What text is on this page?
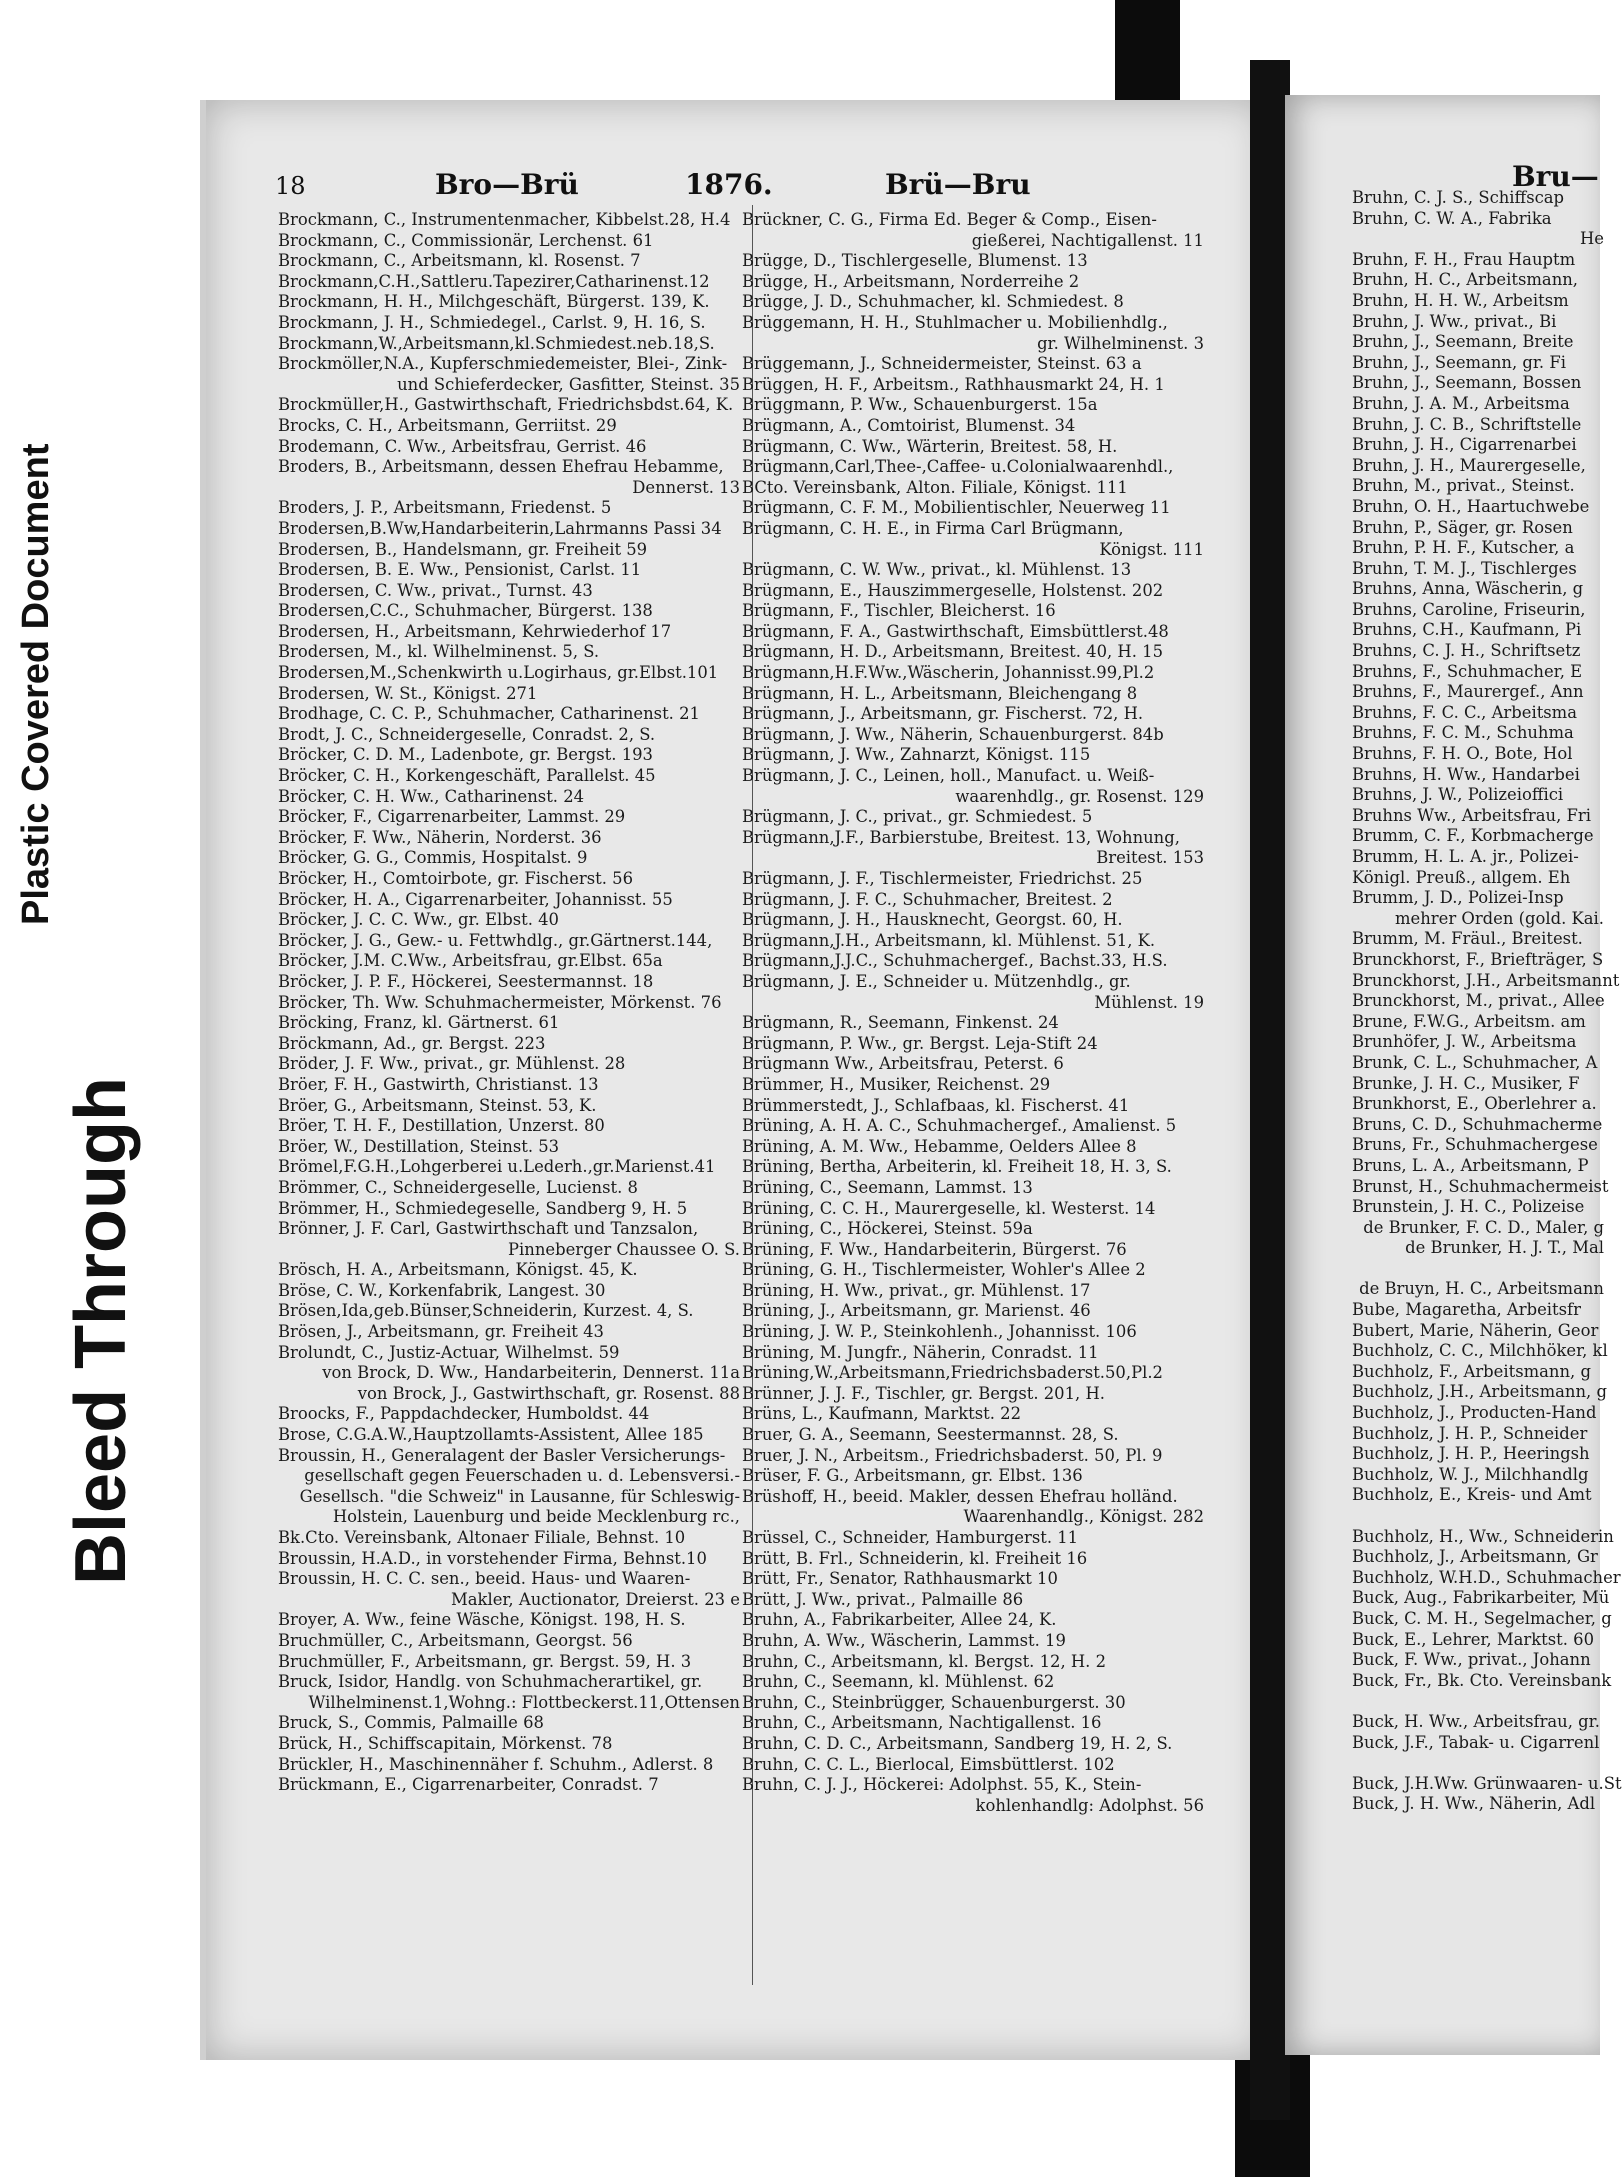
Plastic Covered Document
Bleed Through
18	Bro—Brü	1876.	Brü—Bru	Bru—
Brockmann, C., Instrumentenmacher, Kibbelst.28, H.4
Brockmann, C., Commissionär, Lerchenst. 61
Brockmann, C., Arbeitsmann, kl. Rosenst. 7
Brockmann,C.H.,Sattleru.Tapezirer,Catharinenst.12
Brockmann, H. H., Milchgeschäft, Bürgerst. 139, K.
Brockmann, J. H., Schmiedegel., Carlst. 9, H. 16, S.
Brockmann,W.,Arbeitsmann,kl.Schmiedest.neb.18,S.
Brockmöller,N.A., Kupferschmiedemeister, Blei-, Zink-
und Schieferdecker, Gasfitter, Steinst. 35
Brockmüller,H., Gastwirthschaft, Friedrichsbdst.64, K.
Brocks, C. H., Arbeitsmann, Gerriitst. 29
Brodemann, C. Ww., Arbeitsfrau, Gerrist. 46
Broders, B., Arbeitsmann, dessen Ehefrau Hebamme,
Dennerst. 13
Broders, J. P., Arbeitsmann, Friedenst. 5
Brodersen,B.Ww,Handarbeiterin,Lahrmanns Passi 34
Brodersen, B., Handelsmann, gr. Freiheit 59
Brodersen, B. E. Ww., Pensionist, Carlst. 11
Brodersen, C. Ww., privat., Turnst. 43
Brodersen,C.C., Schuhmacher, Bürgerst. 138
Brodersen, H., Arbeitsmann, Kehrwiederhof 17
Brodersen, M., kl. Wilhelminenst. 5, S.
Brodersen,M.,Schenkwirth u.Logirhaus, gr.Elbst.101
Brodersen, W. St., Königst. 271
Brodhage, C. C. P., Schuhmacher, Catharinenst. 21
Brodt, J. C., Schneidergeselle, Conradst. 2, S.
Bröcker, C. D. M., Ladenbote, gr. Bergst. 193
Bröcker, C. H., Korkengeschäft, Parallelst. 45
Bröcker, C. H. Ww., Catharinenst. 24
Bröcker, F., Cigarrenarbeiter, Lammst. 29
Bröcker, F. Ww., Näherin, Norderst. 36
Bröcker, G. G., Commis, Hospitalst. 9
Bröcker, H., Comtoirbote, gr. Fischerst. 56
Bröcker, H. A., Cigarrenarbeiter, Johannisst. 55
Bröcker, J. C. C. Ww., gr. Elbst. 40
Bröcker, J. G., Gew.- u. Fettwhdlg., gr.Gärtnerst.144,
Bröcker, J.M. C.Ww., Arbeitsfrau, gr.Elbst. 65a
Bröcker, J. P. F., Höckerei, Seestermannst. 18
Bröcker, Th. Ww. Schuhmachermeister, Mörkenst. 76
Bröcking, Franz, kl. Gärtnerst. 61
Bröckmann, Ad., gr. Bergst. 223
Bröder, J. F. Ww., privat., gr. Mühlenst. 28
Bröer, F. H., Gastwirth, Christianst. 13
Bröer, G., Arbeitsmann, Steinst. 53, K.
Bröer, T. H. F., Destillation, Unzerst. 80
Bröer, W., Destillation, Steinst. 53
Brömel,F.G.H.,Lohgerberei u.Lederh.,gr.Marienst.41
Brömmer, C., Schneidergeselle, Lucienst. 8
Brömmer, H., Schmiedegeselle, Sandberg 9, H. 5
Brönner, J. F. Carl, Gastwirthschaft und Tanzsalon,
Pinneberger Chaussee O. S.
Brösch, H. A., Arbeitsmann, Königst. 45, K.
Bröse, C. W., Korkenfabrik, Langest. 30
Brösen,Ida,geb.Bünser,Schneiderin, Kurzest. 4, S.
Brösen, J., Arbeitsmann, gr. Freiheit 43
Brolundt, C., Justiz-Actuar, Wilhelmst. 59
von Brock, D. Ww., Handarbeiterin, Dennerst. 11a
von Brock, J., Gastwirthschaft, gr. Rosenst. 88
Broocks, F., Pappdachdecker, Humboldst. 44
Brose, C.G.A.W.,Hauptzollamts-Assistent, Allee 185
Broussin, H., Generalagent der Basler Versicherungs-
gesellschaft gegen Feuerschaden u. d. Lebensversi.-
Gesellsch. "die Schweiz" in Lausanne, für Schleswig-
Holstein, Lauenburg und beide Mecklenburg rc.,
Bk.Cto. Vereinsbank, Altonaer Filiale, Behnst. 10
Broussin, H.A.D., in vorstehender Firma, Behnst.10
Broussin, H. C. C. sen., beeid. Haus- und Waaren-
Makler, Auctionator, Dreierst. 23 e
Broyer, A. Ww., feine Wäsche, Königst. 198, H. S.
Bruchmüller, C., Arbeitsmann, Georgst. 56
Bruchmüller, F., Arbeitsmann, gr. Bergst. 59, H. 3
Bruck, Isidor, Handlg. von Schuhmacherartikel, gr.
Wilhelminenst.1,Wohng.: Flottbeckerst.11,Ottensen
Bruck, S., Commis, Palmaille 68
Brück, H., Schiffscapitain, Mörkenst. 78
Brückler, H., Maschinennäher f. Schuhm., Adlerst. 8
Brückmann, E., Cigarrenarbeiter, Conradst. 7
Brückner, C. G., Firma Ed. Beger & Comp., Eisen-
gießerei, Nachtigallenst. 11
Brügge, D., Tischlergeselle, Blumenst. 13
Brügge, H., Arbeitsmann, Norderreihe 2
Brügge, J. D., Schuhmacher, kl. Schmiedest. 8
Brüggemann, H. H., Stuhlmacher u. Mobilienhdlg.,
gr. Wilhelminenst. 3
Brüggemann, J., Schneidermeister, Steinst. 63 a
Brüggen, H. F., Arbeitsm., Rathhausmarkt 24, H. 1
Brüggmann, P. Ww., Schauenburgerst. 15a
Brügmann, A., Comtoirist, Blumenst. 34
Brügmann, C. Ww., Wärterin, Breitest. 58, H.
Brügmann,Carl,Thee-,Caffee- u.Colonialwaarenhdl.,
BCto. Vereinsbank, Alton. Filiale, Königst. 111
Brügmann, C. F. M., Mobilientischler, Neuerweg 11
Brügmann, C. H. E., in Firma Carl Brügmann,
Königst. 111
Brügmann, C. W. Ww., privat., kl. Mühlenst. 13
Brügmann, E., Hauszimmergeselle, Holstenst. 202
Brügmann, F., Tischler, Bleicherst. 16
Brügmann, F. A., Gastwirthschaft, Eimsbüttlerst.48
Brügmann, H. D., Arbeitsmann, Breitest. 40, H. 15
Brügmann,H.F.Ww.,Wäscherin, Johannisst.99,Pl.2
Brügmann, H. L., Arbeitsmann, Bleichengang 8
Brügmann, J., Arbeitsmann, gr. Fischerst. 72, H.
Brügmann, J. Ww., Näherin, Schauenburgerst. 84b
Brügmann, J. Ww., Zahnarzt, Königst. 115
Brügmann, J. C., Leinen, holl., Manufact. u. Weiß-
waarenhdlg., gr. Rosenst. 129
Brügmann, J. C., privat., gr. Schmiedest. 5
Brügmann,J.F., Barbierstube, Breitest. 13, Wohnung,
Breitest. 153
Brügmann, J. F., Tischlermeister, Friedrichst. 25
Brügmann, J. F. C., Schuhmacher, Breitest. 2
Brügmann, J. H., Hausknecht, Georgst. 60, H.
Brügmann,J.H., Arbeitsmann, kl. Mühlenst. 51, K.
Brügmann,J.J.C., Schuhmachergef., Bachst.33, H.S.
Brügmann, J. E., Schneider u. Mützenhdlg., gr.
Mühlenst. 19
Brügmann, R., Seemann, Finkenst. 24
Brügmann, P. Ww., gr. Bergst. Leja-Stift 24
Brügmann Ww., Arbeitsfrau, Peterst. 6
Brümmer, H., Musiker, Reichenst. 29
Brümmerstedt, J., Schlafbaas, kl. Fischerst. 41
Brüning, A. H. A. C., Schuhmachergef., Amalienst. 5
Brüning, A. M. Ww., Hebamme, Oelders Allee 8
Brüning, Bertha, Arbeiterin, kl. Freiheit 18, H. 3, S.
Brüning, C., Seemann, Lammst. 13
Brüning, C. C. H., Maurergeselle, kl. Westerst. 14
Brüning, C., Höckerei, Steinst. 59a
Brüning, F. Ww., Handarbeiterin, Bürgerst. 76
Brüning, G. H., Tischlermeister, Wohler's Allee 2
Brüning, H. Ww., privat., gr. Mühlenst. 17
Brüning, J., Arbeitsmann, gr. Marienst. 46
Brüning, J. W. P., Steinkohlenh., Johannisst. 106
Brüning, M. Jungfr., Näherin, Conradst. 11
Brüning,W.,Arbeitsmann,Friedrichsbaderst.50,Pl.2
Brünner, J. J. F., Tischler, gr. Bergst. 201, H.
Brüns, L., Kaufmann, Marktst. 22
Bruer, G. A., Seemann, Seestermannst. 28, S.
Bruer, J. N., Arbeitsm., Friedrichsbaderst. 50, Pl. 9
Brüser, F. G., Arbeitsmann, gr. Elbst. 136
Brüshoff, H., beeid. Makler, dessen Ehefrau holländ.
Waarenhandlg., Königst. 282
Brüssel, C., Schneider, Hamburgerst. 11
Brütt, B. Frl., Schneiderin, kl. Freiheit 16
Brütt, Fr., Senator, Rathhausmarkt 10
Brütt, J. Ww., privat., Palmaille 86
Bruhn, A., Fabrikarbeiter, Allee 24, K.
Bruhn, A. Ww., Wäscherin, Lammst. 19
Bruhn, C., Arbeitsmann, kl. Bergst. 12, H. 2
Bruhn, C., Seemann, kl. Mühlenst. 62
Bruhn, C., Steinbrügger, Schauenburgerst. 30
Bruhn, C., Arbeitsmann, Nachtigallenst. 16
Bruhn, C. D. C., Arbeitsmann, Sandberg 19, H. 2, S.
Bruhn, C. C. L., Bierlocal, Eimsbüttlerst. 102
Bruhn, C. J. J., Höckerei: Adolphst. 55, K., Stein-
kohlenhandlg: Adolphst. 56
Bruhn, C. J. S., Schiffscap
Bruhn, C. W. A., Fabrika
He
Bruhn, F. H., Frau Hauptm
Bruhn, H. C., Arbeitsmann,
Bruhn, H. H. W., Arbeitsm
Bruhn, J. Ww., privat., Bi
Bruhn, J., Seemann, Breite
Bruhn, J., Seemann, gr. Fi
Bruhn, J., Seemann, Bossen
Bruhn, J. A. M., Arbeitsma
Bruhn, J. C. B., Schriftstelle
Bruhn, J. H., Cigarrenarbei
Bruhn, J. H., Maurergeselle,
Bruhn, M., privat., Steinst.
Bruhn, O. H., Haartuchwebe
Bruhn, P., Säger, gr. Rosen
Bruhn, P. H. F., Kutscher, a
Bruhn, T. M. J., Tischlerges
Bruhns, Anna, Wäscherin, g
Bruhns, Caroline, Friseurin,
Bruhns, C.H., Kaufmann, Pi
Bruhns, C. J. H., Schriftsetz
Bruhns, F., Schuhmacher, E
Bruhns, F., Maurergef., Ann
Bruhns, F. C. C., Arbeitsma
Bruhns, F. C. M., Schuhma
Bruhns, F. H. O., Bote, Hol
Bruhns, H. Ww., Handarbei
Bruhns, J. W., Polizeioffici
Bruhns Ww., Arbeitsfrau, Fri
Brumm, C. F., Korbmacherge
Brumm, H. L. A. jr., Polizei-
Königl. Preuß., allgem. Eh
Brumm, J. D., Polizei-Insp
mehrer Orden (gold. Kai.
Brumm, M. Fräul., Breitest.
Brunckhorst, F., Briefträger, S
Brunckhorst, J.H., Arbeitsmannt
Brunckhorst, M., privat., Allee
Brune, F.W.G., Arbeitsm. am
Brunhöfer, J. W., Arbeitsma
Brunk, C. L., Schuhmacher, A
Brunke, J. H. C., Musiker, F
Brunkhorst, E., Oberlehrer a.
Bruns, C. D., Schuhmacherme
Bruns, Fr., Schuhmachergese
Bruns, L. A., Arbeitsmann, P
Brunst, H., Schuhmachermeist
Brunstein, J. H. C., Polizeise
de Brunker, F. C. D., Maler, g
de Brunker, H. J. T., Mal

de Bruyn, H. C., Arbeitsmann
Bube, Magaretha, Arbeitsfr
Bubert, Marie, Näherin, Geor
Buchholz, C. C., Milchhöker, kl
Buchholz, F., Arbeitsmann, g
Buchholz, J.H., Arbeitsmann, g
Buchholz, J., Producten-Hand
Buchholz, J. H. P., Schneider
Buchholz, J. H. P., Heeringsh
Buchholz, W. J., Milchhandlg
Buchholz, E., Kreis- und Amt

Buchholz, H., Ww., Schneiderin
Buchholz, J., Arbeitsmann, Gr
Buchholz, W.H.D., Schuhmacher
Buck, Aug., Fabrikarbeiter, Mü
Buck, C. M. H., Segelmacher, g
Buck, E., Lehrer, Marktst. 60
Buck, F. Ww., privat., Johann
Buck, Fr., Bk. Cto. Vereinsbank

Buck, H. Ww., Arbeitsfrau, gr.
Buck, J.F., Tabak- u. Cigarrenl

Buck, J.H.Ww. Grünwaaren- u.St
Buck, J. H. Ww., Näherin, Adl
